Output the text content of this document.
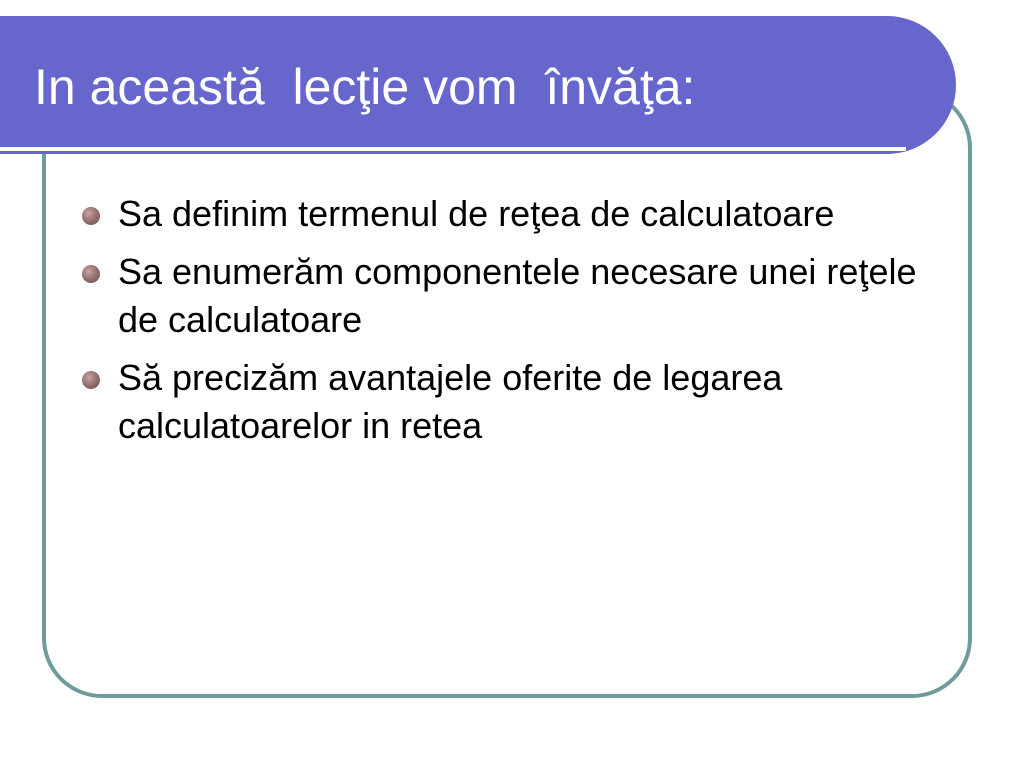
In această  lecţie vom  învăţa:
Sa definim termenul de reţea de calculatoare
Sa enumerăm componentele necesare unei reţele de calculatoare
Să precizăm avantajele oferite de legarea calculatoarelor in retea
